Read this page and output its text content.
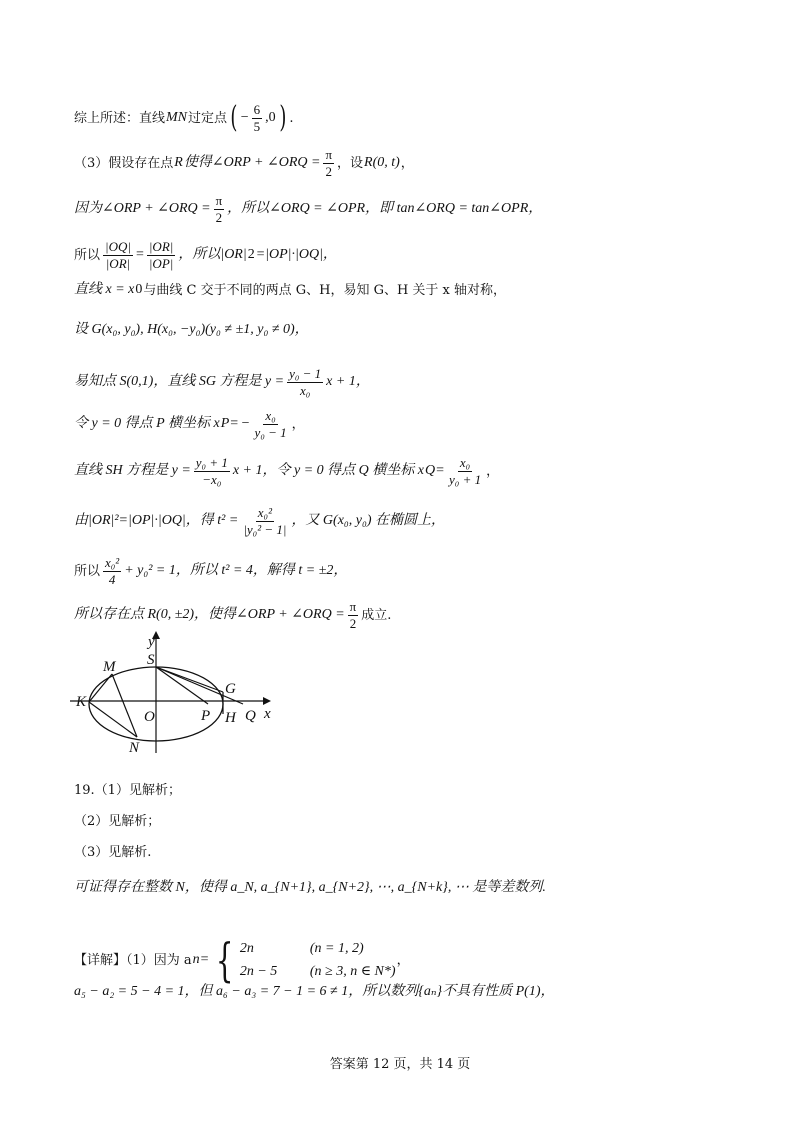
综上所述：直线 MN 过定点 ( − $\frac{6}{5} ,0$ ) .
（3）假设存在点 R 使得∠ORP + ∠ORQ = $\frac{\pi}{2}$ ，设 R(0, t) ，
因为∠ORP + ∠ORQ = $\frac{\pi}{2}$ ，所以∠ORQ = ∠OPR，即 tan∠ORQ = tan∠OPR，
所以 $\frac{|OQ|}{|OR|} = \frac{|OR|}{|OP|}$ ，所以|OR| 2 =|OP|·|OQ|，
直线 x = x 0 与曲线 C 交于不同的两点 G、H，易知 G、H 关于 x 轴对称，
设 G(x₀, y₀), H(x₀, −y₀)(y₀ ≠ ±1, y₀ ≠ 0)，
易知点 S(0,1)，直线 SG 方程是 $y = \frac{\text{y₀ − 1}}{\text{x₀}}$ x + 1，
令 y = 0 得点 P 横坐标 x P = − $\frac{\text{x₀}}{\text{y₀ − 1}}$ ，
直线 SH 方程是 $y = \frac{\text{y₀ + 1}}{\text{−x₀}}$ x + 1，令 y = 0 得点 Q 横坐标 x $Q = \frac{\text{x₀}}{\text{y₀ + 1}}$ ，
由|OR|²=|OP|·|OQ|，得 $t^2 = \frac{\text{x₀²}}{\text{|y₀² − 1|}}$ ，又 G(x₀, y₀) 在椭圆上，
所以 $\frac{\text{x₀²}}{4} + y_0^2 = 1$，所以 t² = 4，解得 t = ±2，
所以存在点 R(0, ±2)，使得∠ORP + ∠ORQ = $\frac{\pi}{2}$ 成立.
y
S
M
K
O	P
G
H Q x
N
19.（1）见解析；
（2）见解析；
（3）见解析.
可证得存在整数 N，使得 a_N, a_{N+1}, a_{N+2}, ⋯, a_{N+k}, ⋯ 是等差数列.
【详解】（1）因为 a n = { 2n	(n = 1, 2)
2n − 5	(n ≥ 3, n ∈ N*)
，
a₅ − a₂ = 5 − 4 = 1，但 a₆ − a₃ = 7 − 1 = 6 ≠ 1，所以数列{aₙ}不具有性质 P(1)，
答案第 12 页，共 14 页
